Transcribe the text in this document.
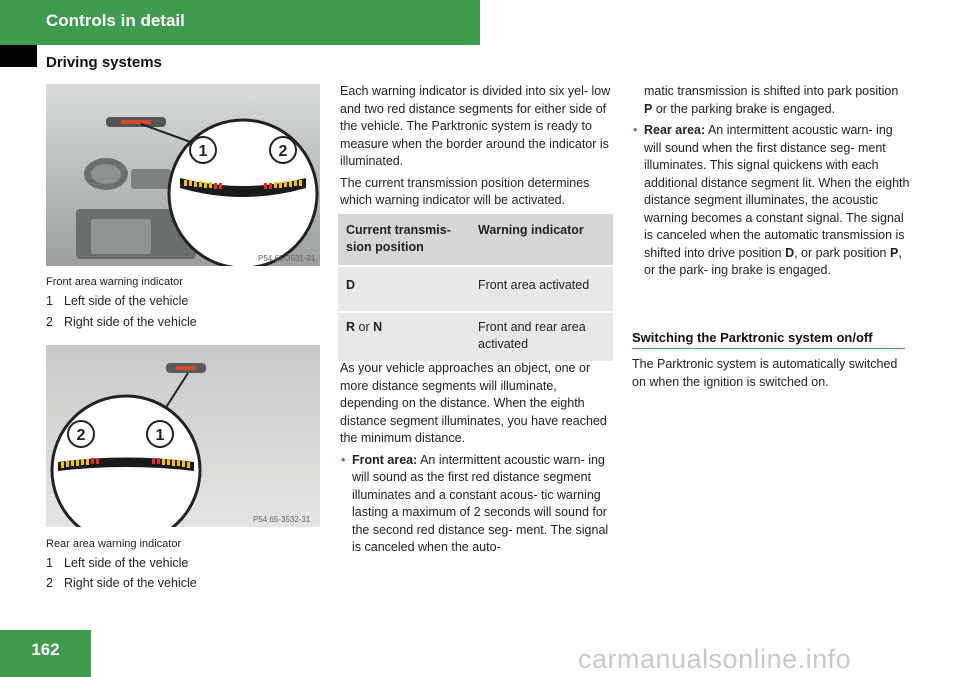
Controls in detail
Driving systems
1	2
P54.65-3531-31
Front area warning indicator
1 Left side of the vehicle
2 Right side of the vehicle
2	1
P54.65-3532-31
Rear area warning indicator
1 Left side of the vehicle
2 Right side of the vehicle

Each warning indicator is divided into six yel- low and two red distance segments for either side of the vehicle. The Parktronic system is ready to measure when the border around the indicator is illuminated.

The current transmission position determines which warning indicator will be activated.

Current transmis- sion position	Warning indicator
D	Front area activated
R or N	Front and rear area activated

As your vehicle approaches an object, one or more distance segments will illuminate, depending on the distance. When the eighth distance segment illuminates, you have reached the minimum distance.

• Front area: An intermittent acoustic warn- ing will sound as the first red distance segment illuminates and a constant acous- tic warning lasting a maximum of 2 seconds will sound for the second red distance seg- ment. The signal is canceled when the auto-

matic transmission is shifted into park position P or the parking brake is engaged.

• Rear area: An intermittent acoustic warn- ing will sound when the first distance seg- ment illuminates. This signal quickens with each additional distance segment lit. When the eighth distance segment illuminates, the acoustic warning becomes a constant signal. The signal is canceled when the automatic transmission is shifted into drive position D, or park position P, or the park- ing brake is engaged.

Switching the Parktronic system on/off
The Parktronic system is automatically switched on when the ignition is switched on.
162	carmanualsonline.info
